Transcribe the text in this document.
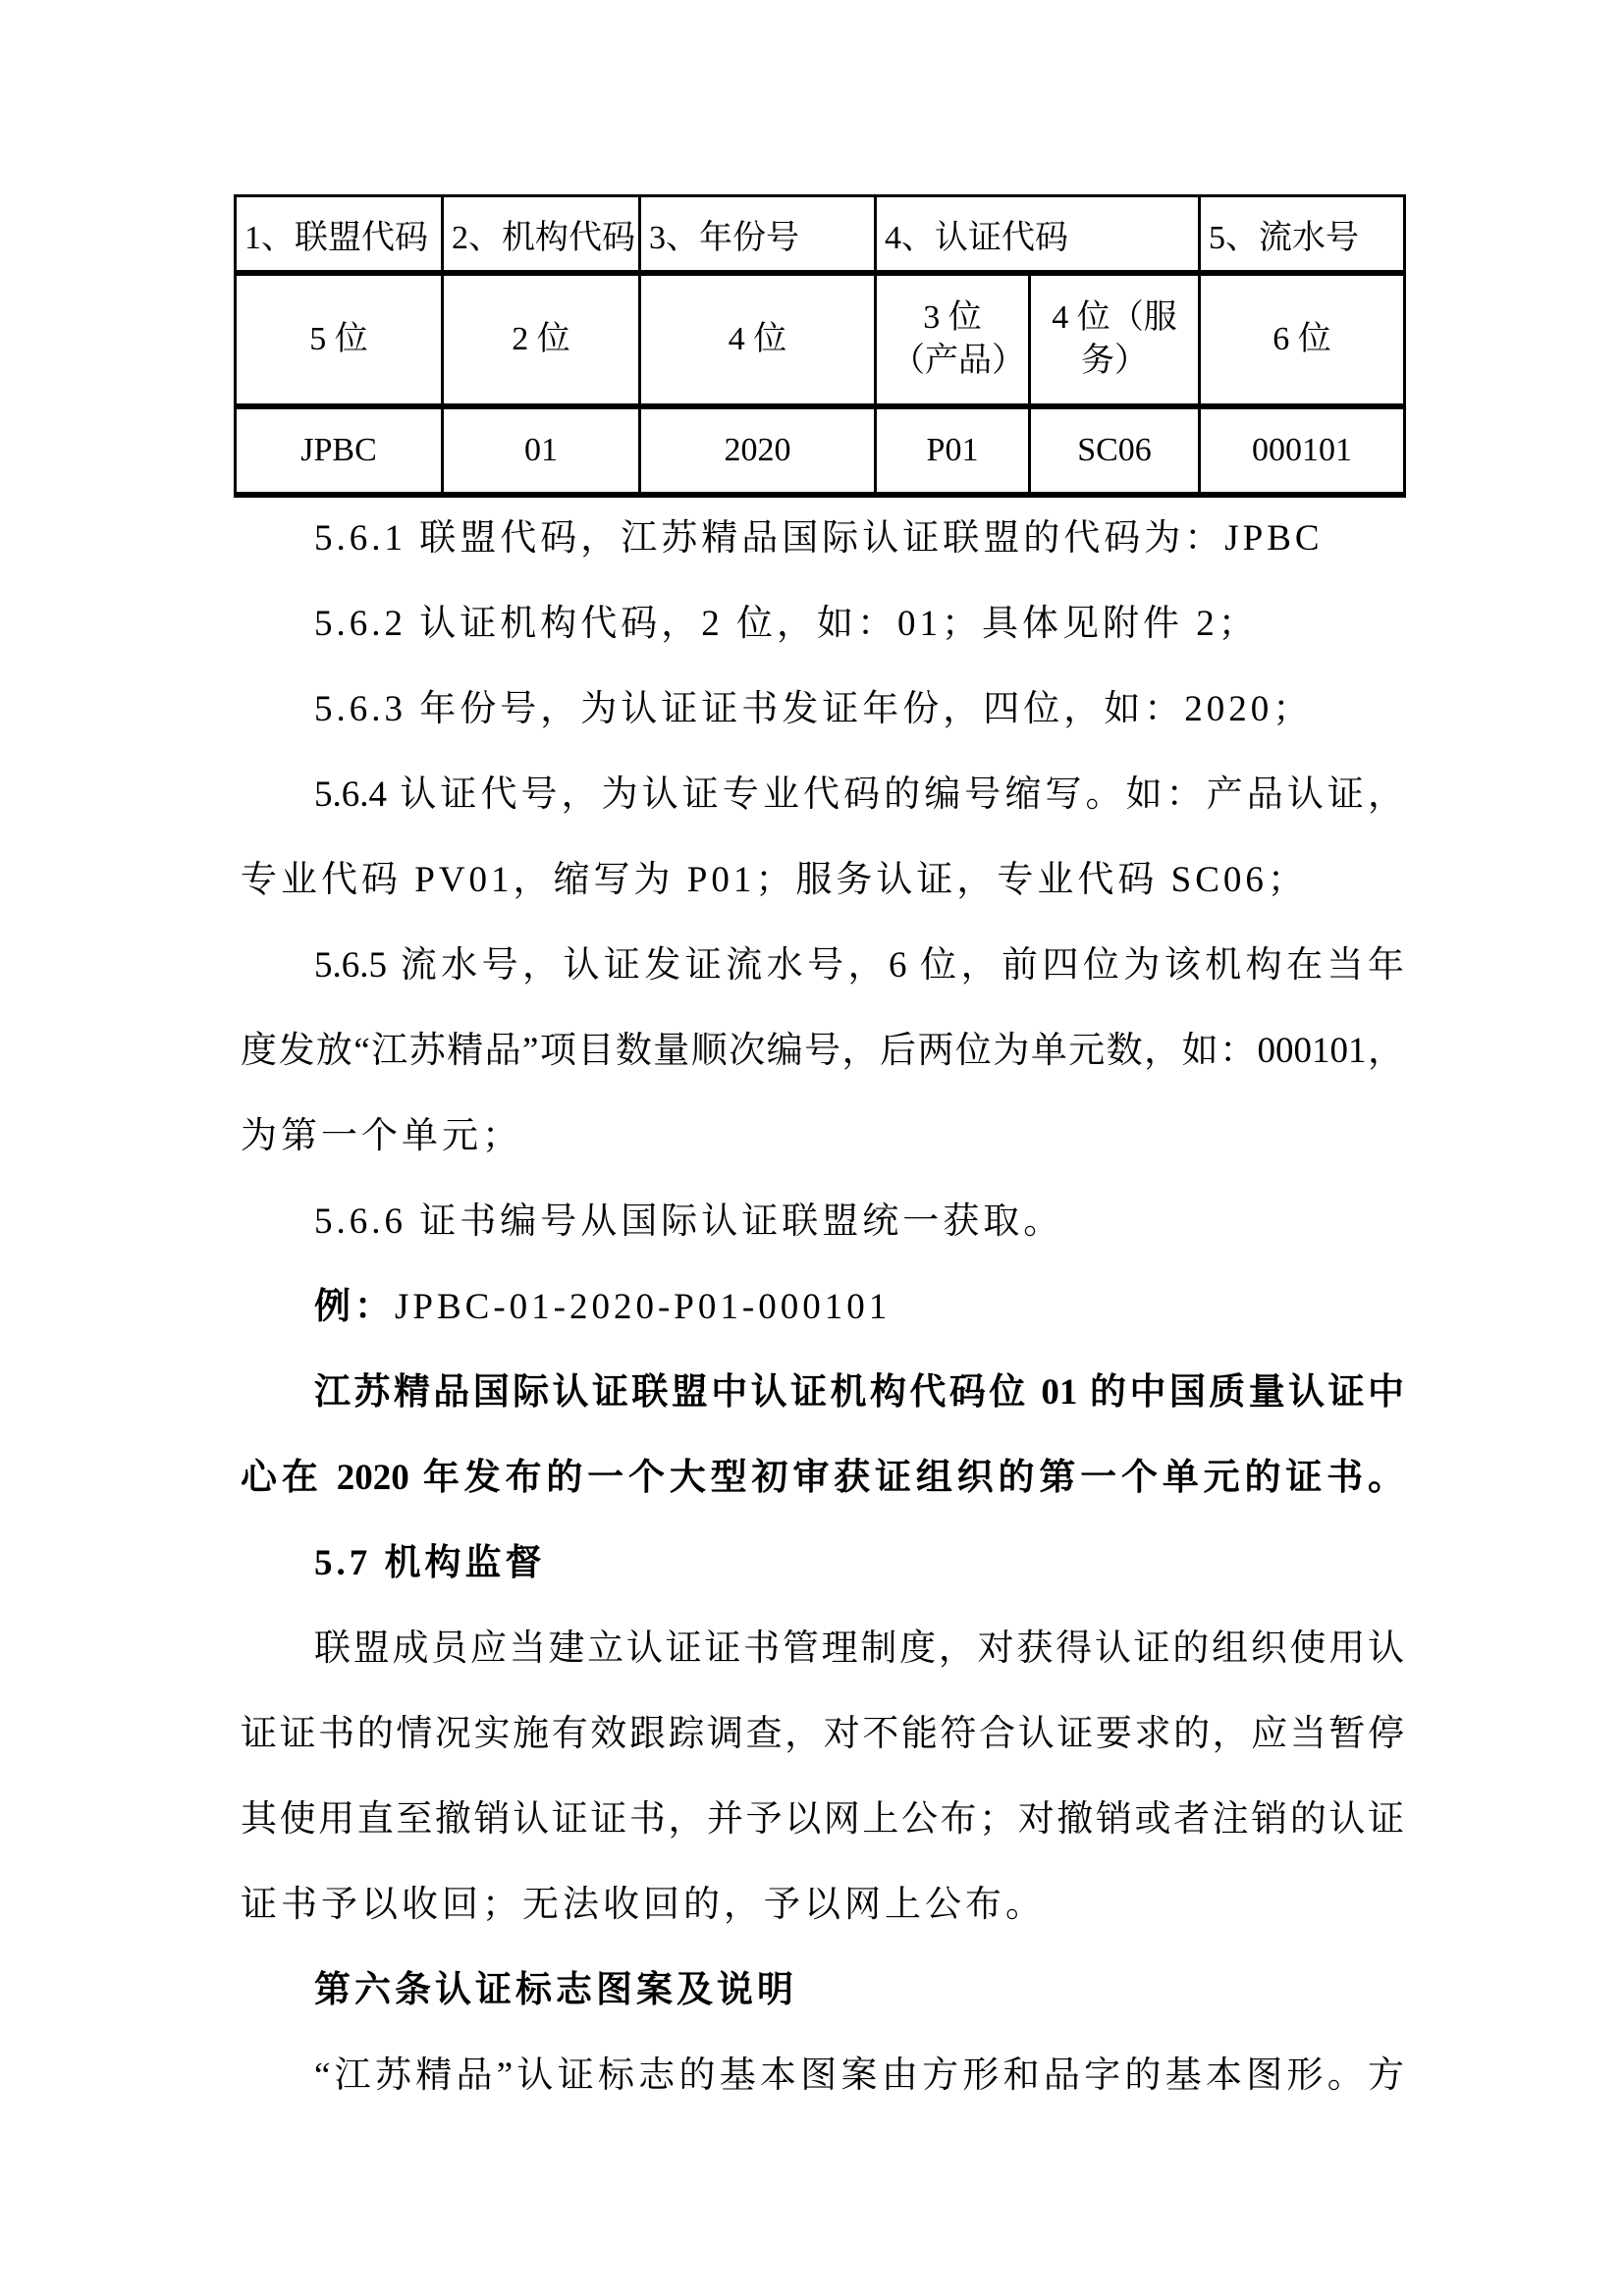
1、联盟代码	2、机构代码	3、年份号	4、认证代码		5、流水号
5 位	2 位	4 位	3 位（产品）	4 位（服务）	6 位
JPBC	01	2020	P01	SC06	000101
5.6.1 联盟代码，江苏精品国际认证联盟的代码为：JPBC
5.6.2 认证机构代码，2 位，如：01；具体见附件 2；
5.6.3 年份号，为认证证书发证年份，四位，如：2020；
5.6.4 认证代号，为认证专业代码的编号缩写。如：产品认证，
专业代码 PV01，缩写为 P01；服务认证，专业代码 SC06；
5.6.5 流水号，认证发证流水号，6 位，前四位为该机构在当年
度发放“江苏精品”项目数量顺次编号，后两位为单元数，如：000101，
为第一个单元；
5.6.6 证书编号从国际认证联盟统一获取。
例：JPBC-01-2020-P01-000101
江苏精品国际认证联盟中认证机构代码位 01 的中国质量认证中
心在 2020 年发布的一个大型初审获证组织的第一个单元的证书。
5.7 机构监督
联盟成员应当建立认证证书管理制度，对获得认证的组织使用认
证证书的情况实施有效跟踪调查，对不能符合认证要求的，应当暂停
其使用直至撤销认证证书，并予以网上公布；对撤销或者注销的认证
证书予以收回；无法收回的，予以网上公布。
第六条认证标志图案及说明
“江苏精品”认证标志的基本图案由方形和品字的基本图形。方
